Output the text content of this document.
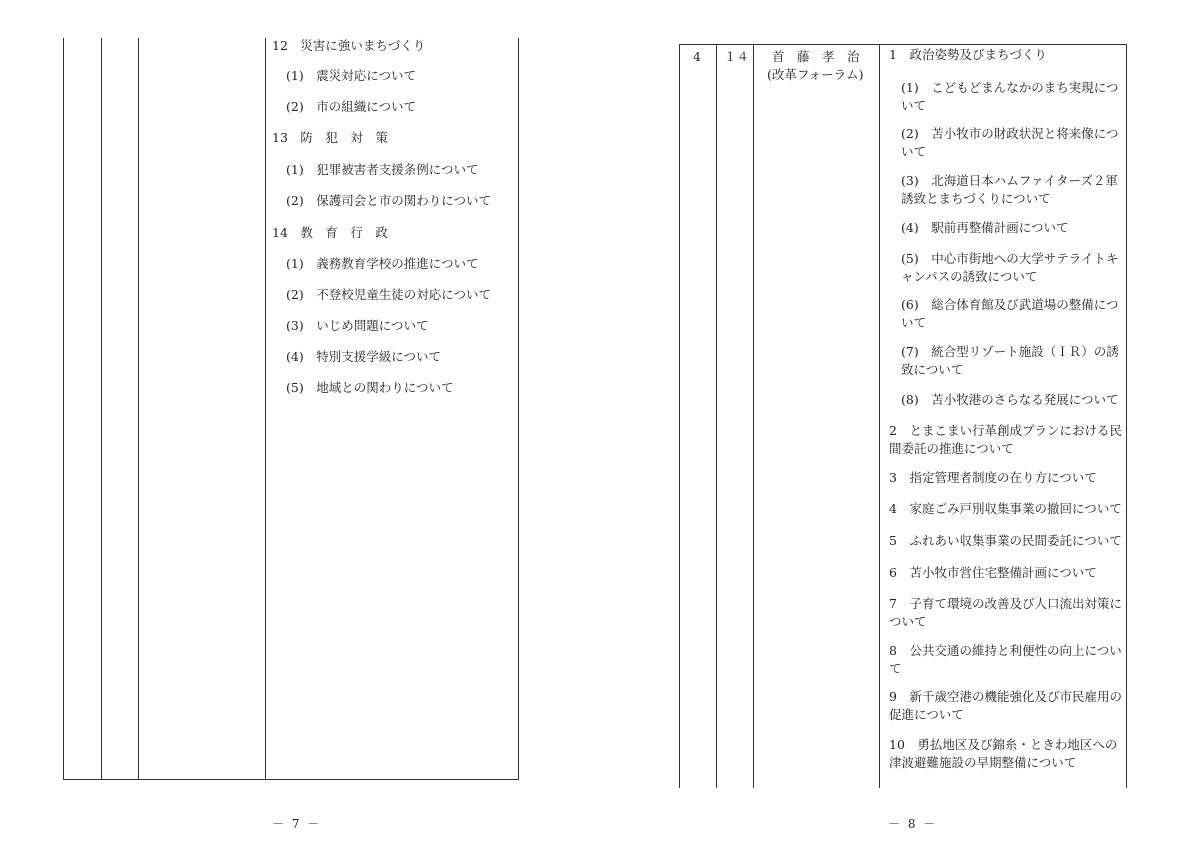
12　災害に強いまちづくり
(1)　震災対応について
(2)　市の組織について
13　防　犯　対　策
(1)　犯罪被害者支援条例について
(2)　保護司会と市の関わりについて
14　教　育　行　政
(1)　義務教育学校の推進について
(2)　不登校児童生徒の対応について
(3)　いじめ問題について
(4)　特別支援学級について
(5)　地域との関わりについて
－ 7 －
4 １４ 首　藤　孝　治
(改革フォーラム)
1　政治姿勢及びまちづくり
(1)　こどもどまんなかのまち実現について
(2)　苫小牧市の財政状況と将来像について
(3)　北海道日本ハムファイターズ２軍誘致とまちづくりについて
(4)　駅前再整備計画について
(5)　中心市街地への大学サテライトキャンパスの誘致について
(6)　総合体育館及び武道場の整備について
(7)　統合型リゾート施設（ＩＲ）の誘致について
(8)　苫小牧港のさらなる発展について
2　とまこまい行革創成プランにおける民間委託の推進について
3　指定管理者制度の在り方について
4　家庭ごみ戸別収集事業の撤回について
5　ふれあい収集事業の民間委託について
6　苫小牧市営住宅整備計画について
7　子育て環境の改善及び人口流出対策について
8　公共交通の維持と利便性の向上について
9　新千歳空港の機能強化及び市民雇用の促進について
10　勇払地区及び錦糸・ときわ地区への津波避難施設の早期整備について
－ 8 －
